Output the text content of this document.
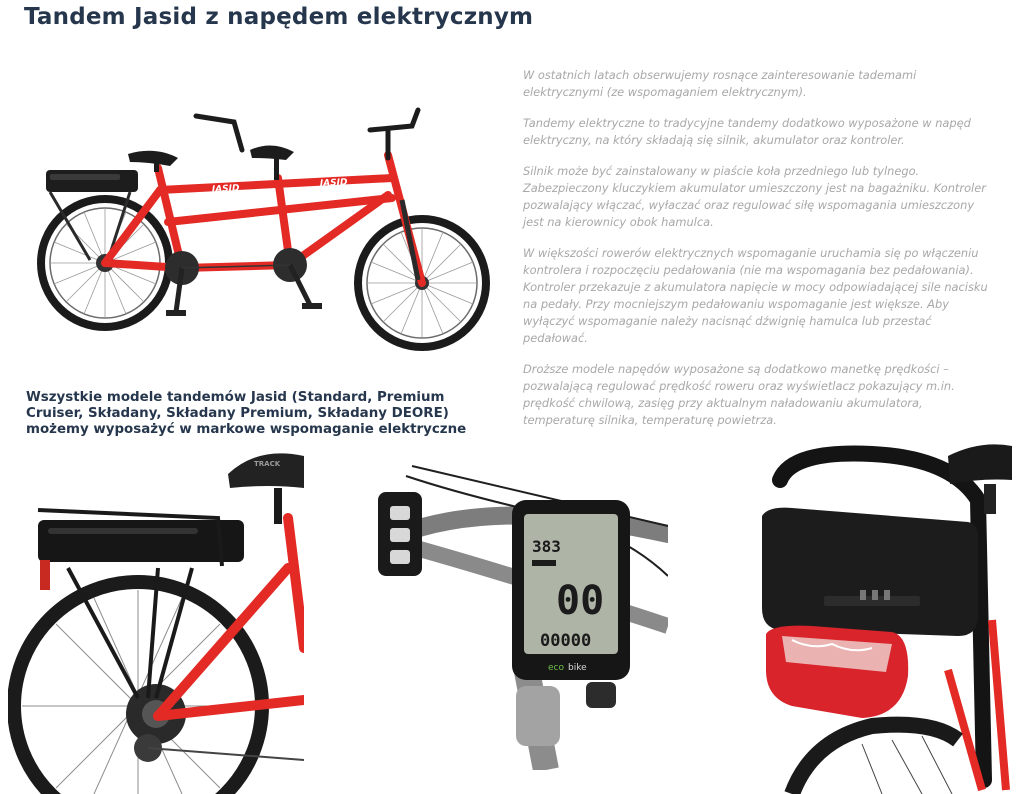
Tandem Jasid z napędem elektrycznym

W ostatnich latach obserwujemy rosnące zainteresowanie tademami elektrycznymi (ze wspomaganiem elektrycznym).

Tandemy elektryczne to tradycyjne tandemy dodatkowo wyposażone w napęd elektryczny, na który składają się silnik, akumulator oraz kontroler.

Silnik może być zainstalowany w piaście koła przedniego lub tylnego. Zabezpieczony kluczykiem akumulator umieszczony jest na bagażniku. Kontroler pozwalający włączać, wyłaczać oraz regulować siłę wspomagania umieszczony jest na kierownicy obok hamulca.

W większości rowerów elektrycznych wspomaganie uruchamia się po włączeniu kontrolera i rozpoczęciu pedałowania (nie ma wspomagania bez pedałowania). Kontroler przekazuje z akumulatora napięcie w mocy odpowiadającej sile nacisku na pedały. Przy mocniejszym pedałowaniu wspomaganie jest większe. Aby wyłączyć wspomaganie należy nacisnąć dźwignię hamulca lub przestać pedałować.

Droższe modele napędów wyposażone są dodatkowo manetkę prędkości – pozwalającą regulować prędkość roweru oraz wyświetlacz pokazujący m.in. prędkość chwilową, zasięg przy aktualnym naładowaniu akumulatora, temperaturę silnika, temperaturę powietrza.

Wszystkie modele tandemów Jasid (Standard, Premium Cruiser, Składany, Składany Premium, Składany DEORE) możemy wyposażyć w markowe wspomaganie elektryczne

JASID
JASID
TRACK
383
00
00000
eco bike
